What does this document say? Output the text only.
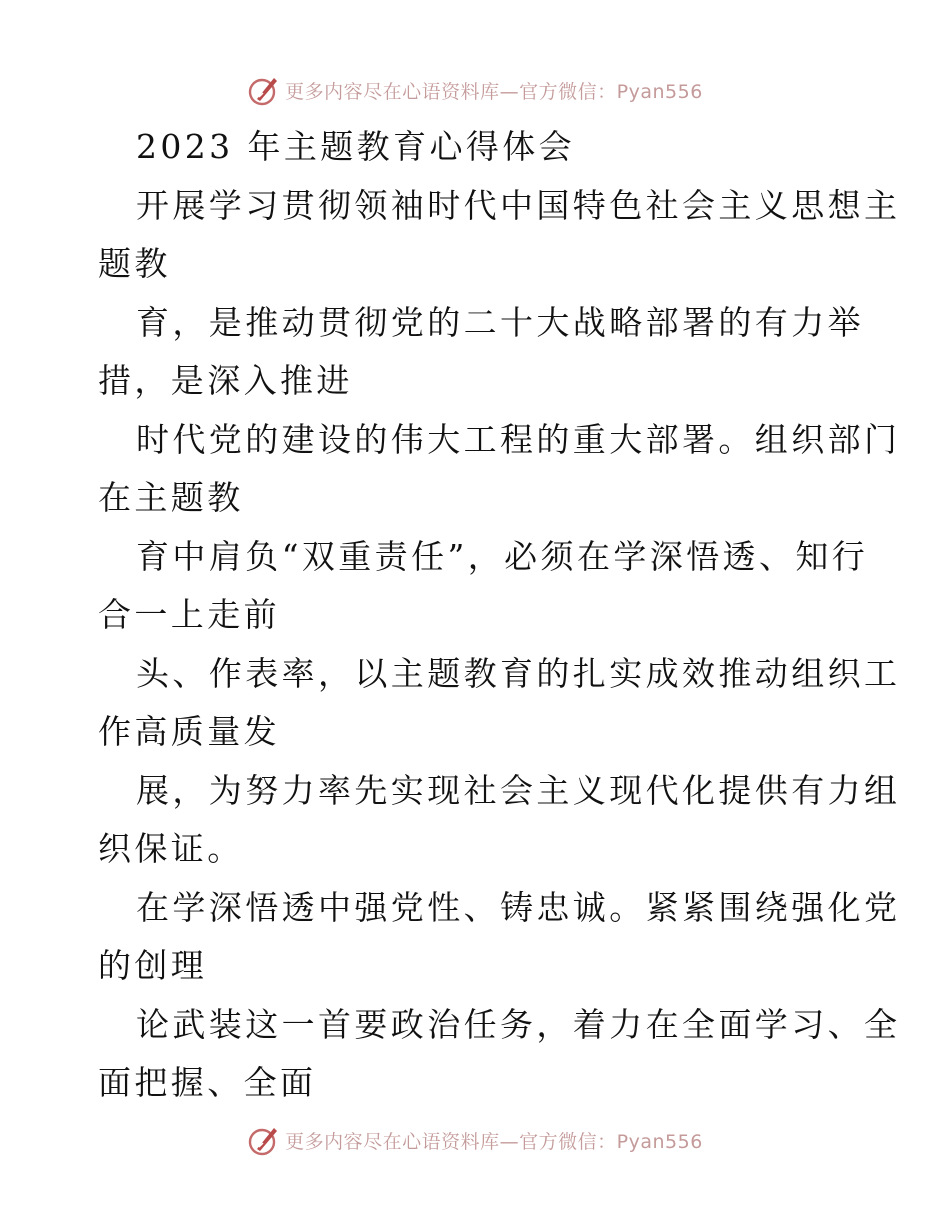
更多内容尽在心语资料库—官方微信：Pyan556
2023 年主题教育心得体会
开展学习贯彻领袖时代中国特色社会主义思想主
题教
育，是推动贯彻党的二十大战略部署的有力举
措，是深入推进
时代党的建设的伟大工程的重大部署。组织部门
在主题教
育中肩负“双重责任”，必须在学深悟透、知行
合一上走前
头、作表率，以主题教育的扎实成效推动组织工
作高质量发
展，为努力率先实现社会主义现代化提供有力组
织保证。
在学深悟透中强党性、铸忠诚。紧紧围绕强化党
的创理
论武装这一首要政治任务，着力在全面学习、全
面把握、全面
更多内容尽在心语资料库—官方微信：Pyan556
